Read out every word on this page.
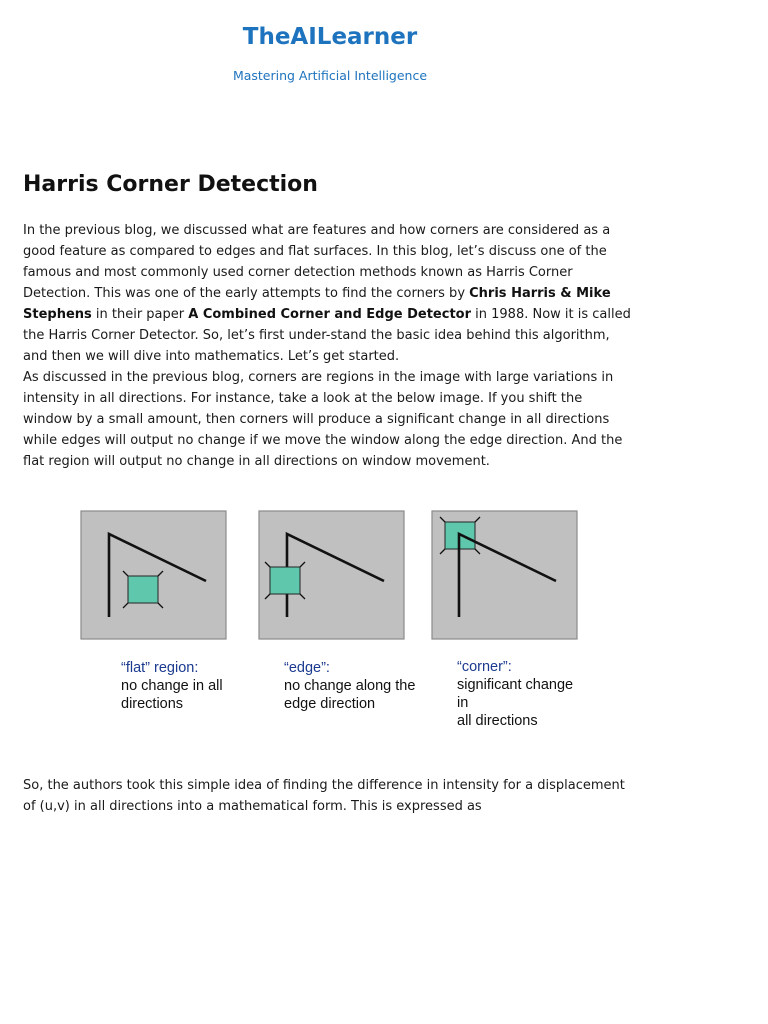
TheAILearner

Mastering Artificial Intelligence

Harris Corner Detection

In the previous blog, we discussed what are features and how corners are considered as a good feature as compared to edges and flat surfaces. In this blog, let’s discuss one of the famous and most commonly used corner detection methods known as Harris Corner Detection. This was one of the early attempts to find the corners by Chris Harris & Mike Stephens in their paper A Combined Corner and Edge Detector in 1988. Now it is called the Harris Corner Detector. So, let’s first under-stand the basic idea behind this algorithm, and then we will dive into mathematics. Let’s get started.

As discussed in the previous blog, corners are regions in the image with large variations in intensity in all directions. For instance, take a look at the below image. If you shift the window by a small amount, then corners will produce a significant change in all directions while edges will output no change if we move the window along the edge direction. And the flat region will output no change in all directions on window movement.

“flat” region:
no change in all
directions

“edge”:
no change along the
edge direction

“corner”:
significant change in
all directions

So, the authors took this simple idea of finding the difference in intensity for a displacement of (u,v) in all directions into a mathematical form. This is expressed as
